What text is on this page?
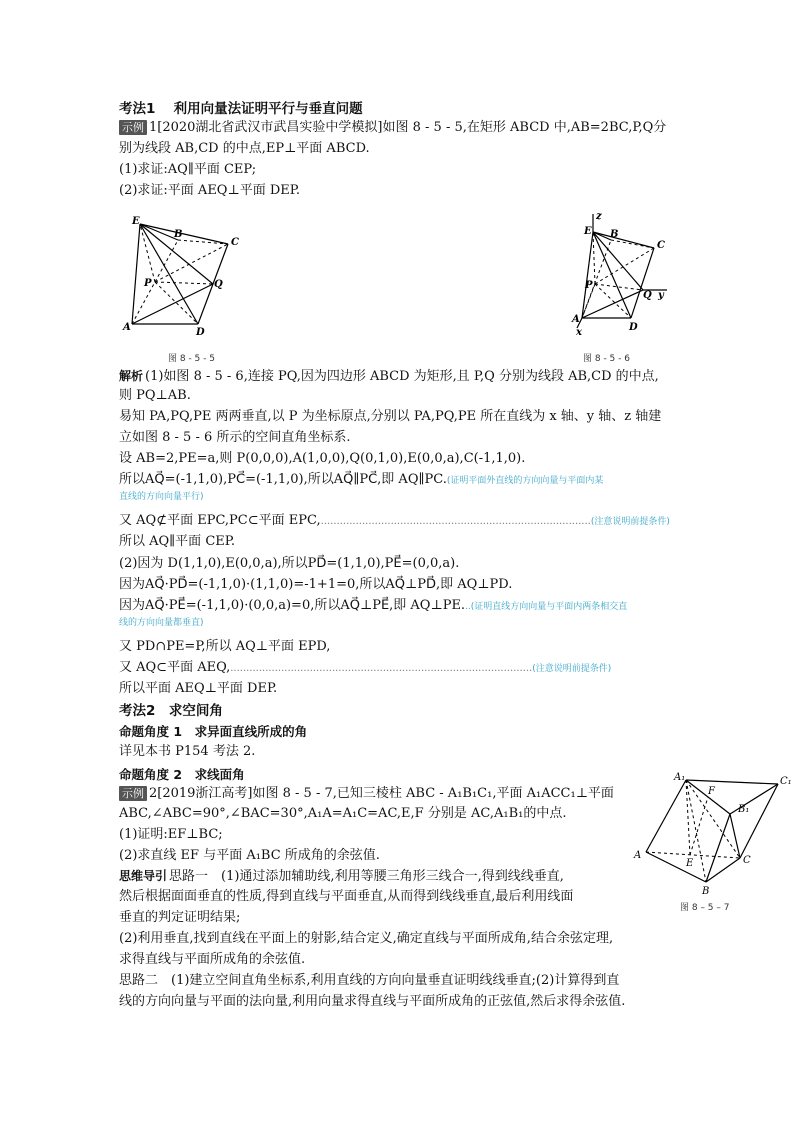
考法1　 利用向量法证明平行与垂直问题
示例 1[2020湖北省武汉市武昌实验中学模拟]如图 8 - 5 - 5,在矩形 ABCD 中,AB=2BC,P,Q分
别为线段 AB,CD 的中点,EP⊥平面 ABCD.
(1)求证:AQ∥平面 CEP;
(2)求证:平面 AEQ⊥平面 DEP.
E
B
C
P	Q
A	D
图 8 - 5 - 5
z
E B
C
P
Q y
A
x	D
图 8 - 5 - 6
解析 (1)如图 8 - 5 - 6,连接 PQ,因为四边形 ABCD 为矩形,且 P,Q 分别为线段 AB,CD 的中点,
则 PQ⊥AB.
易知 PA,PQ,PE 两两垂直,以 P 为坐标原点,分别以 PA,PQ,PE 所在直线为 x 轴、y 轴、z 轴建
立如图 8 - 5 - 6 所示的空间直角坐标系.
设 AB=2,PE=a,则 P(0,0,0),A(1,0,0),Q(0,1,0),E(0,0,a),C(-1,1,0).
所以AQ⃗=(-1,1,0),PC⃗=(-1,1,0),所以AQ⃗∥PC⃗,即 AQ∥PC.(证明平面外直线的方向向量与平面内某
直线的方向向量平行)
又 AQ⊄平面 EPC,PC⊂平面 EPC,.....................................................................................(注意说明前提条件)
所以 AQ∥平面 CEP.
(2)因为 D(1,1,0),E(0,0,a),所以PD⃗=(1,1,0),PE⃗=(0,0,a).
因为AQ⃗·PD⃗=(-1,1,0)·(1,1,0)=-1+1=0,所以AQ⃗⊥PD⃗,即 AQ⊥PD.
因为AQ⃗·PE⃗=(-1,1,0)·(0,0,a)=0,所以AQ⃗⊥PE⃗,即 AQ⊥PE...(证明直线方向向量与平面内两条相交直
线的方向向量都垂直)
又 PD∩PE=P,所以 AQ⊥平面 EPD,
又 AQ⊂平面 AEQ,...............................................................................................(注意说明前提条件)
所以平面 AEQ⊥平面 DEP.
考法2　求空间角
命题角度 1　 求异面直线所成的角
详见本书 P154 考法 2.
命题角度 2　 求线面角
示例 2[2019浙江高考]如图 8 - 5 - 7,已知三棱柱 ABC - A₁B₁C₁,平面 A₁ACC₁⊥平面
ABC,∠ABC=90°,∠BAC=30°,A₁A=A₁C=AC,E,F 分别是 AC,A₁B₁的中点.
(1)证明:EF⊥BC;
(2)求直线 EF 与平面 A₁BC 所成角的余弦值.
A₁	C₁
F
B₁
A
E	C
B
图 8 – 5 – 7
思维导引 思路一　(1)通过添加辅助线,利用等腰三角形三线合一,得到线线垂直,
然后根据面面垂直的性质,得到直线与平面垂直,从而得到线线垂直,最后利用线面
垂直的判定证明结果;
(2)利用垂直,找到直线在平面上的射影,结合定义,确定直线与平面所成角,结合余弦定理,
求得直线与平面所成角的余弦值.
思路二　(1)建立空间直角坐标系,利用直线的方向向量垂直证明线线垂直;(2)计算得到直
线的方向向量与平面的法向量,利用向量求得直线与平面所成角的正弦值,然后求得余弦值.
